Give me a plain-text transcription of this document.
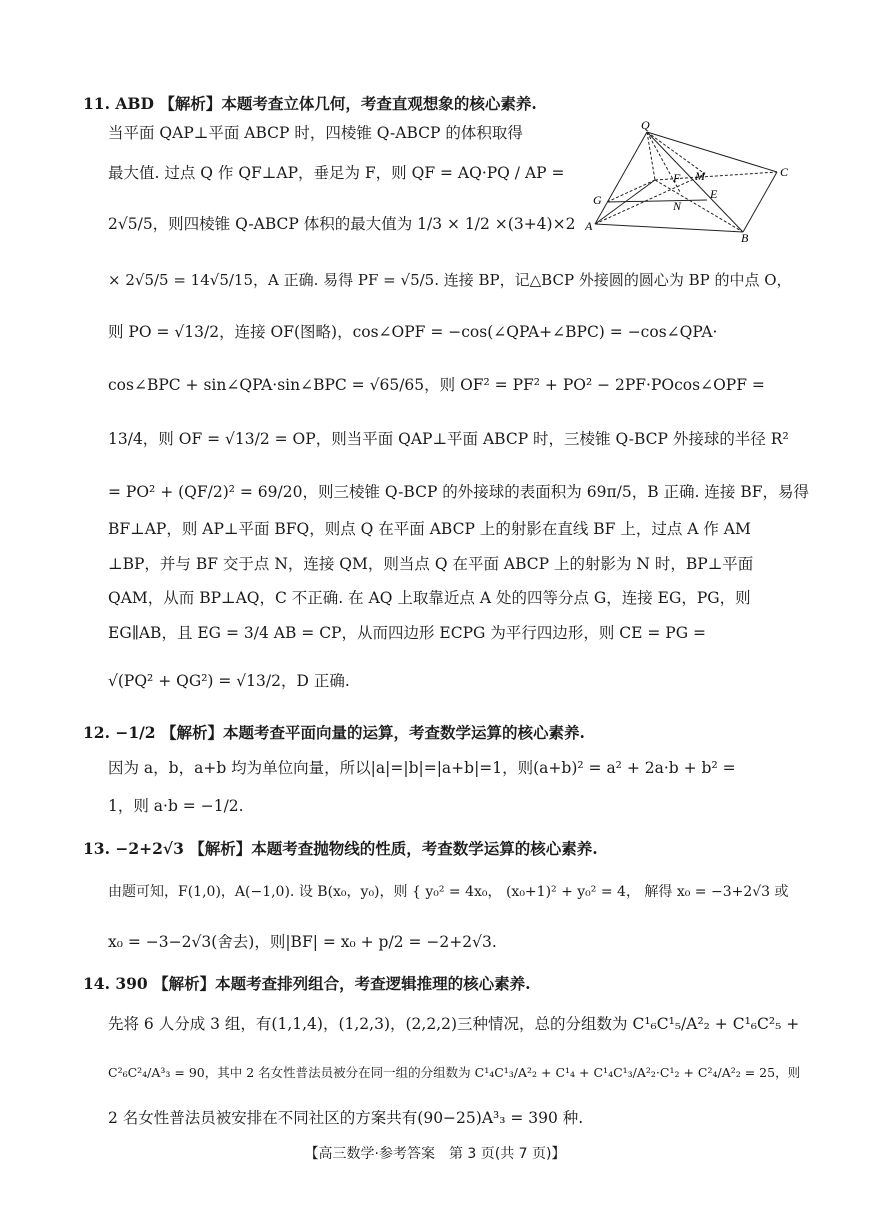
11. ABD 【解析】本题考查立体几何，考查直观想象的核心素养.
当平面 QAP⊥平面 ABCP 时，四棱锥 Q-ABCP 的体积取得
最大值. 过点 Q 作 QF⊥AP，垂足为 F，则 QF = AQ·PQ / AP =
2√5/5，则四棱锥 Q-ABCP 体积的最大值为 1/3 × 1/2 ×(3+4)×2
× 2√5/5 = 14√5/15，A 正确. 易得 PF = √5/5. 连接 BP，记△BCP 外接圆的圆心为 BP 的中点 O，
则 PO = √13/2，连接 OF(图略)，cos∠OPF = −cos(∠QPA+∠BPC) = −cos∠QPA·
cos∠BPC + sin∠QPA·sin∠BPC = √65/65，则 OF² = PF² + PO² − 2PF·POcos∠OPF =
13/4，则 OF = √13/2 = OP，则当平面 QAP⊥平面 ABCP 时，三棱锥 Q-BCP 外接球的半径 R²
= PO² + (QF/2)² = 69/20，则三棱锥 Q-BCP 的外接球的表面积为 69π/5，B 正确. 连接 BF，易得
BF⊥AP，则 AP⊥平面 BFQ，则点 Q 在平面 ABCP 上的射影在直线 BF 上，过点 A 作 AM
⊥BP，并与 BF 交于点 N，连接 QM，则当点 Q 在平面 ABCP 上的射影为 N 时，BP⊥平面
QAM，从而 BP⊥AQ，C 不正确. 在 AQ 上取靠近点 A 处的四等分点 G，连接 EG，PG，则
EG∥AB，且 EG = 3/4 AB = CP，从而四边形 ECPG 为平行四边形，则 CE = PG =
√(PQ² + QG²) = √13/2，D 正确.
Q
C
G
F M
E
N
A
B
12. −1/2 【解析】本题考查平面向量的运算，考查数学运算的核心素养.
因为 a，b，a+b 均为单位向量，所以|a|=|b|=|a+b|=1，则(a+b)² = a² + 2a·b + b² =
1，则 a·b = −1/2.
13. −2+2√3 【解析】本题考查抛物线的性质，考查数学运算的核心素养.
由题可知，F(1,0)，A(−1,0). 设 B(x₀，y₀)，则 { y₀² = 4x₀， (x₀+1)² + y₀² = 4， 解得 x₀ = −3+2√3 或
x₀ = −3−2√3(舍去)，则|BF| = x₀ + p/2 = −2+2√3.
14. 390 【解析】本题考查排列组合，考查逻辑推理的核心素养.
先将 6 人分成 3 组，有(1,1,4)，(1,2,3)，(2,2,2)三种情况，总的分组数为 C¹₆C¹₅/A²₂ + C¹₆C²₅ +
C²₆C²₄/A³₃ = 90，其中 2 名女性普法员被分在同一组的分组数为 C¹₄C¹₃/A²₂ + C¹₄ + C¹₄C¹₃/A²₂·C¹₂ + C²₄/A²₂ = 25，则
2 名女性普法员被安排在不同社区的方案共有(90−25)A³₃ = 390 种.
【高三数学·参考答案　第 3 页(共 7 页)】
